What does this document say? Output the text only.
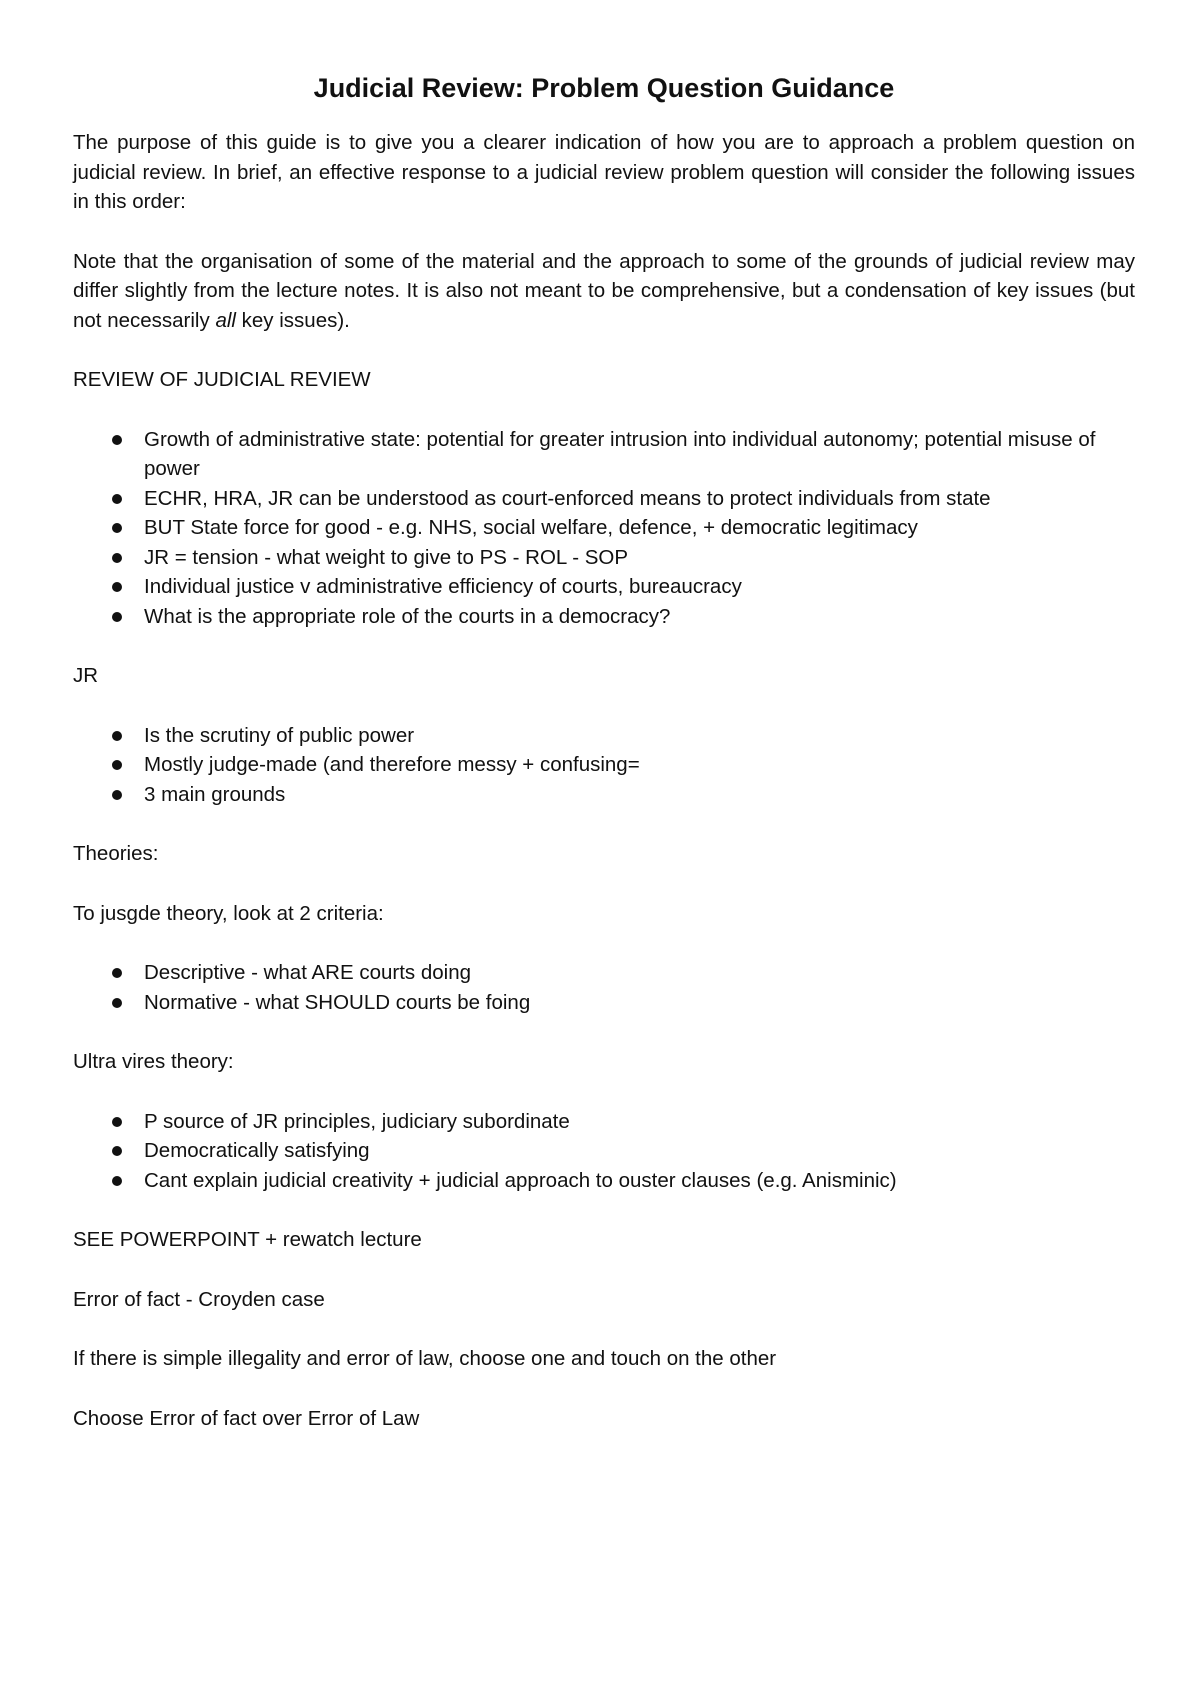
Judicial Review: Problem Question Guidance

The purpose of this guide is to give you a clearer indication of how you are to approach a problem question on judicial review. In brief, an effective response to a judicial review problem question will consider the following issues in this order:

Note that the organisation of some of the material and the approach to some of the grounds of judicial review may differ slightly from the lecture notes. It is also not meant to be comprehensive, but a condensation of key issues (but not necessarily all key issues).

REVIEW OF JUDICIAL REVIEW
Growth of administrative state: potential for greater intrusion into individual autonomy; potential misuse of power
ECHR, HRA, JR can be understood as court-enforced means to protect individuals from state
BUT State force for good - e.g. NHS, social welfare, defence, + democratic legitimacy
JR = tension - what weight to give to PS - ROL - SOP
Individual justice v administrative efficiency of courts, bureaucracy
What is the appropriate role of the courts in a democracy?
JR
Is the scrutiny of public power
Mostly judge-made (and therefore messy + confusing=
3 main grounds

Theories:

To jusgde theory, look at 2 criteria:

Descriptive - what ARE courts doing
Normative - what SHOULD courts be foing

Ultra vires theory:

P source of JR principles, judiciary subordinate
Democratically satisfying
Cant explain judicial creativity + judicial approach to ouster clauses (e.g. Anisminic)

SEE POWERPOINT + rewatch lecture

Error of fact - Croyden case

If there is simple illegality and error of law, choose one and touch on the other

Choose Error of fact over Error of Law
